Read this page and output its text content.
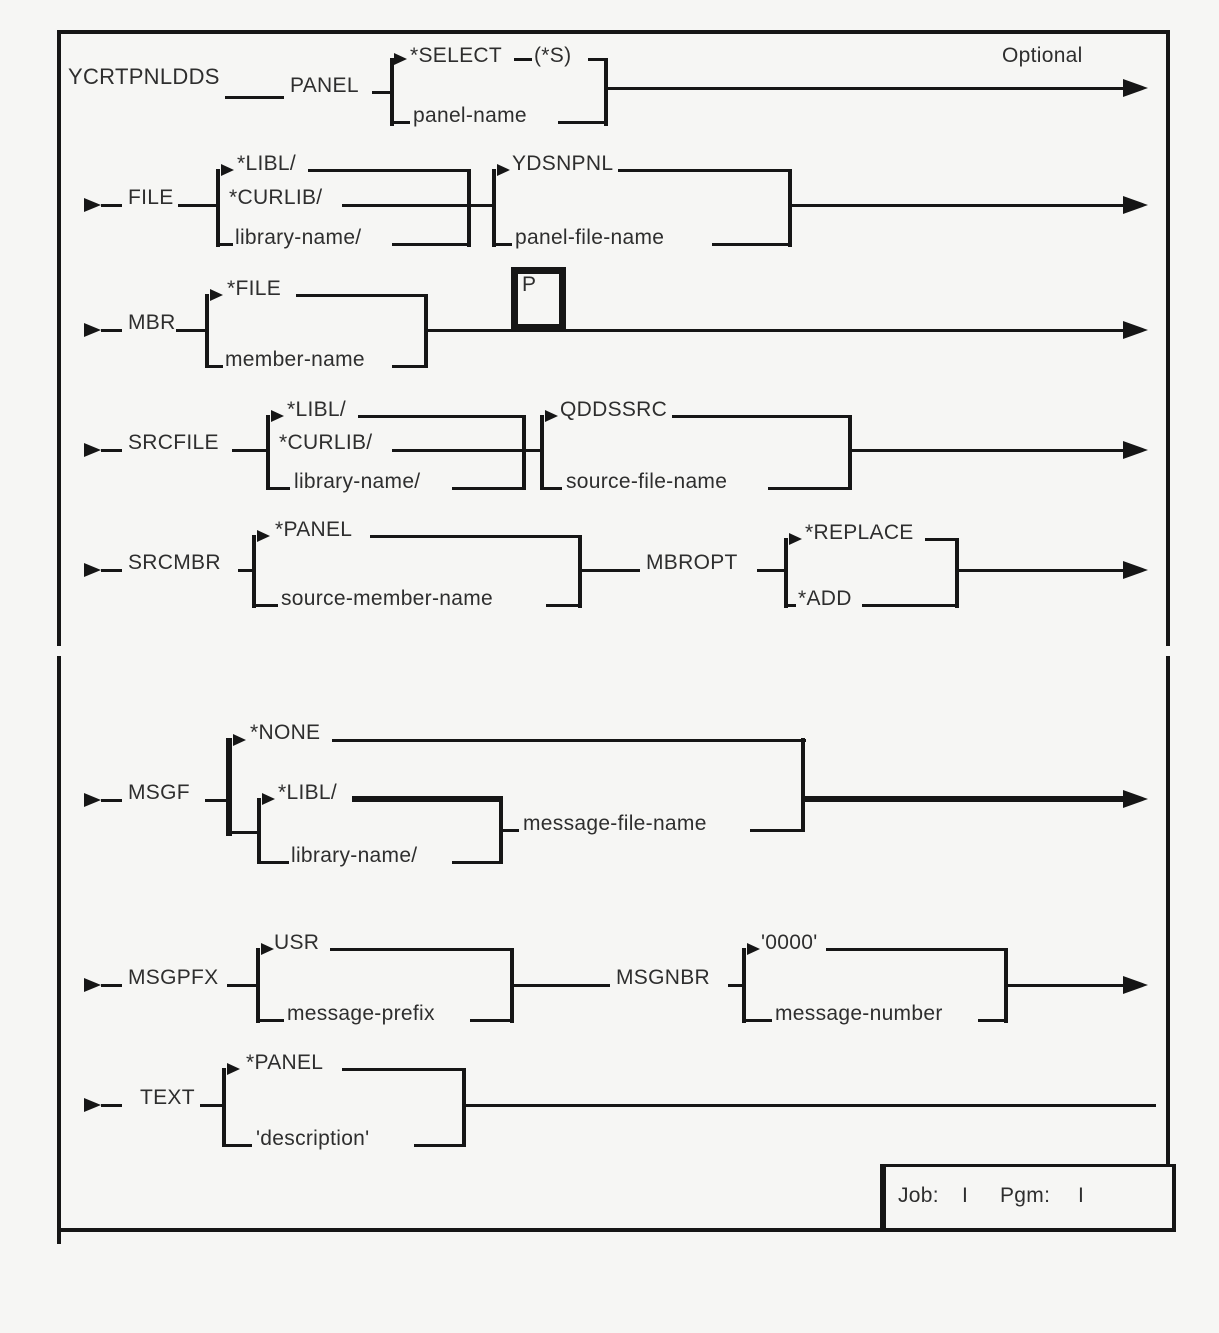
YCRTPNLDDS
Optional
PANEL
*SELECT (*S)
panel-name
FILE
*LIBL/
*CURLIB/
library-name/
YDSNPNL
panel-file-name
MBR
*FILE
member-name
P
SRCFILE
*LIBL/
*CURLIB/
library-name/
QDDSSRC
source-file-name
SRCMBR
*PANEL
source-member-name
MBROPT
*REPLACE
*ADD
MSGF
*NONE
*LIBL/
library-name/
message-file-name
MSGPFX
USR
message-prefix
MSGNBR
'0000'
message-number
TEXT
*PANEL
'description'
Job: I Pgm: I
